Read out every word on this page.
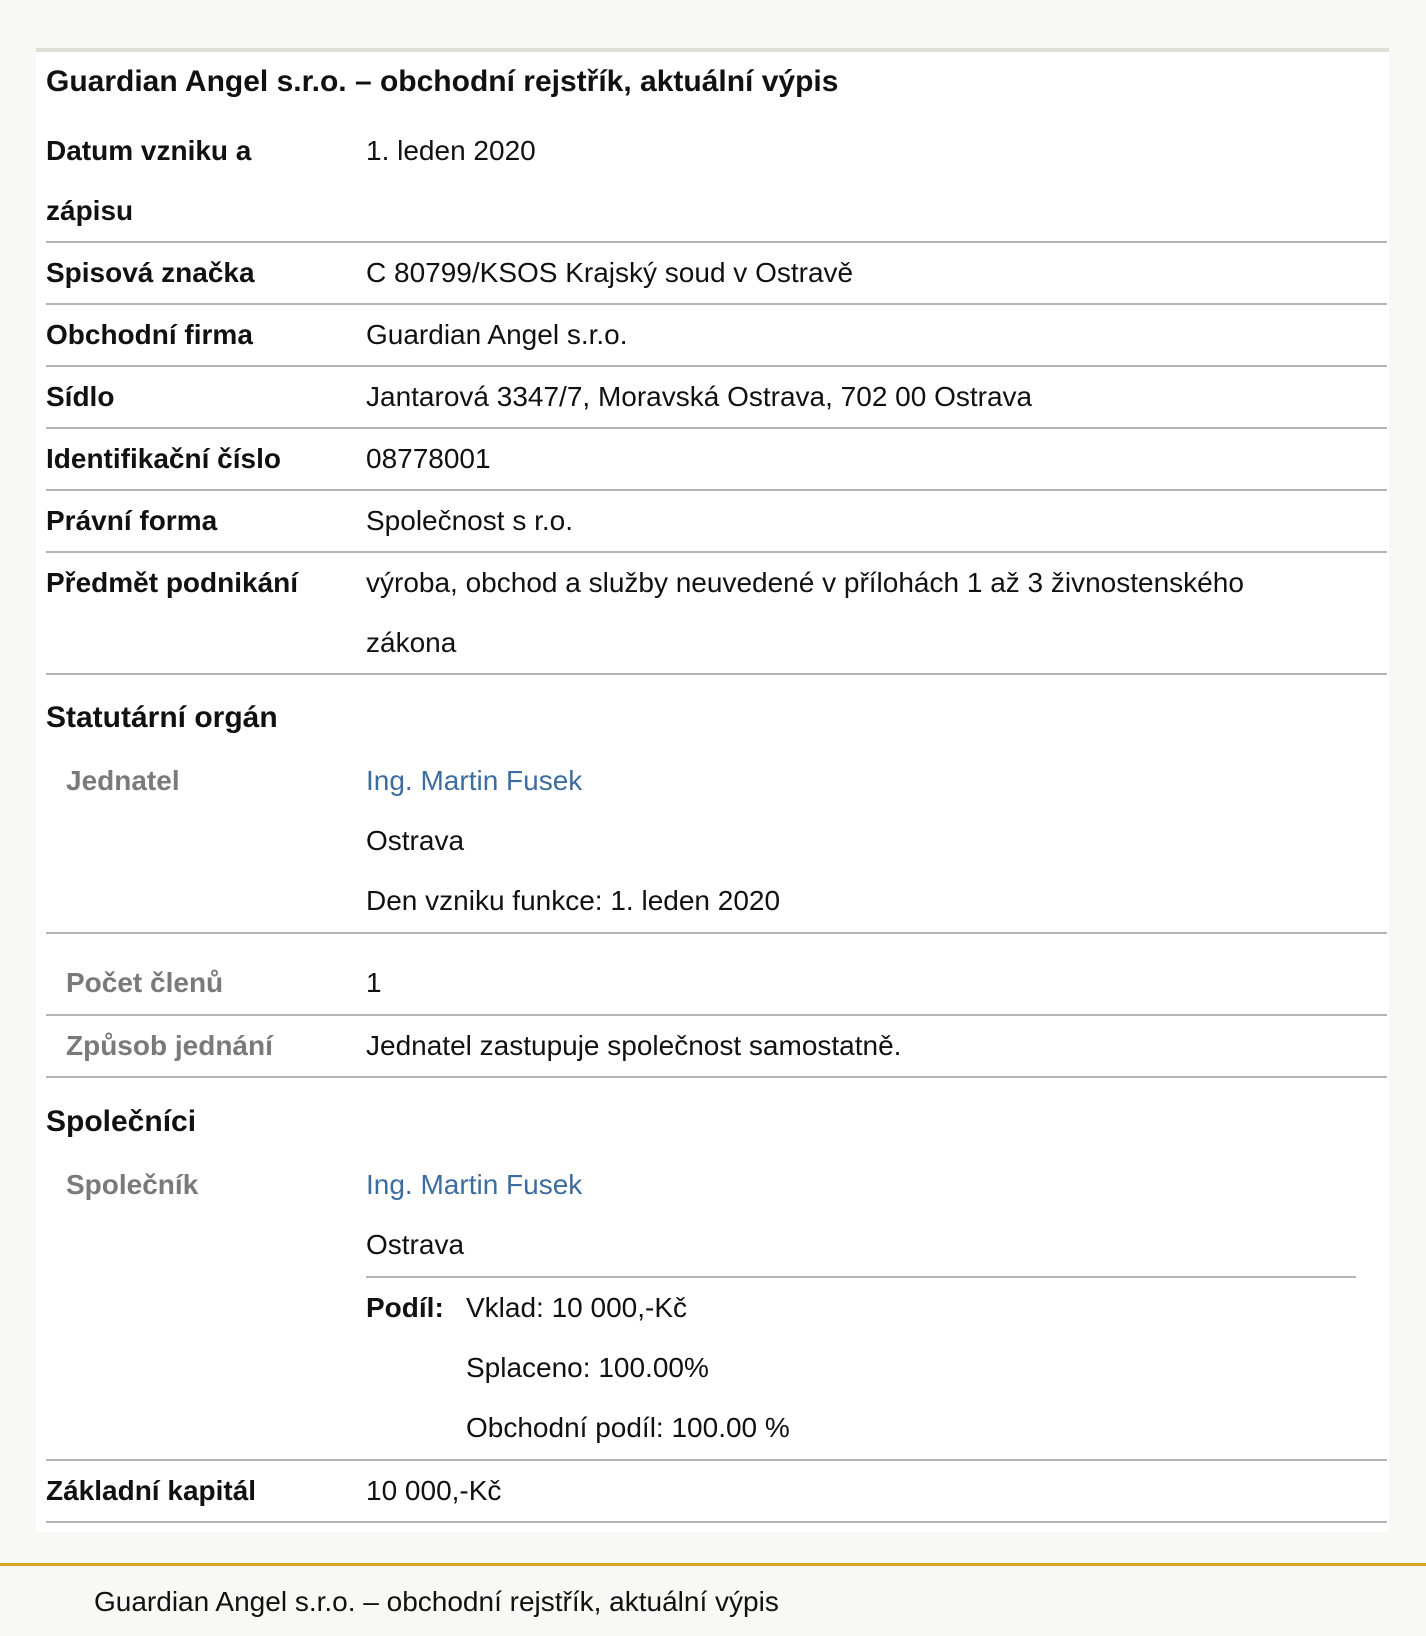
Guardian Angel s.r.o. – obchodní rejstřík, aktuální výpis
Datum vzniku a
zápisu
1. leden 2020
Spisová značka	C 80799/KSOS Krajský soud v Ostravě
Obchodní firma	Guardian Angel s.r.o.
Sídlo	Jantarová 3347/7, Moravská Ostrava, 702 00 Ostrava
Identifikační číslo	08778001
Právní forma	Společnost s r.o.
Předmět podnikání	výroba, obchod a služby neuvedené v přílohách 1 až 3 živnostenského
zákona
Statutární orgán
Jednatel	Ing. Martin Fusek
Ostrava
Den vzniku funkce: 1. leden 2020
Počet členů	1
Způsob jednání	Jednatel zastupuje společnost samostatně.
Společníci
Společník	Ing. Martin Fusek
Ostrava
Podíl: Vklad: 10 000,-Kč
Splaceno: 100.00%
Obchodní podíl: 100.00 %
Základní kapitál	10 000,-Kč
Guardian Angel s.r.o. – obchodní rejstřík, aktuální výpis
